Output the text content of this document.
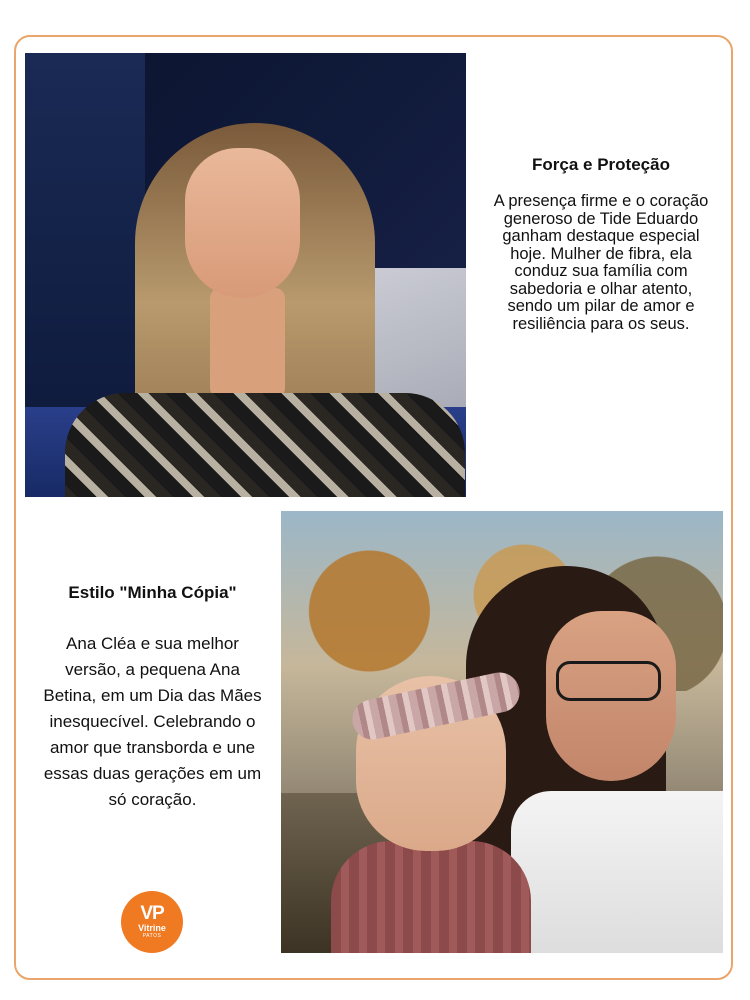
Força e Proteção
A presença firme e o coração generoso de Tide Eduardo ganham destaque especial hoje. Mulher de fibra, ela conduz sua família com sabedoria e olhar atento, sendo um pilar de amor e resiliência para os seus.
Estilo "Minha Cópia"
Ana Cléa e sua melhor versão, a pequena Ana Betina, em um Dia das Mães inesquecível. Celebrando o amor que transborda e une essas duas gerações em um só coração.
VP
Vitrine
PATOS
